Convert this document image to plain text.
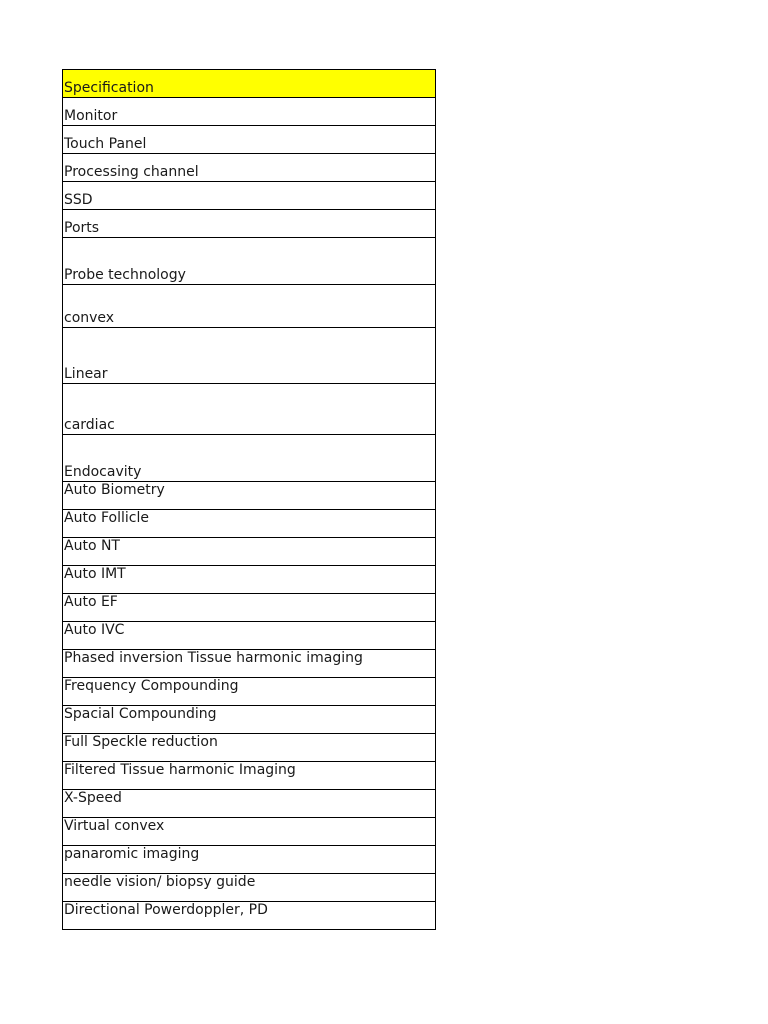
Specification
Monitor
Touch Panel
Processing channel
SSD
Ports
Probe technology
convex
Linear
cardiac
Endocavity
Auto Biometry
Auto Follicle
Auto NT
Auto IMT
Auto EF
Auto IVC
Phased inversion Tissue harmonic imaging
Frequency Compounding
Spacial Compounding
Full Speckle reduction
Filtered Tissue harmonic Imaging
X-Speed
Virtual convex
panaromic imaging
needle vision/ biopsy guide
Directional Powerdoppler, PD
